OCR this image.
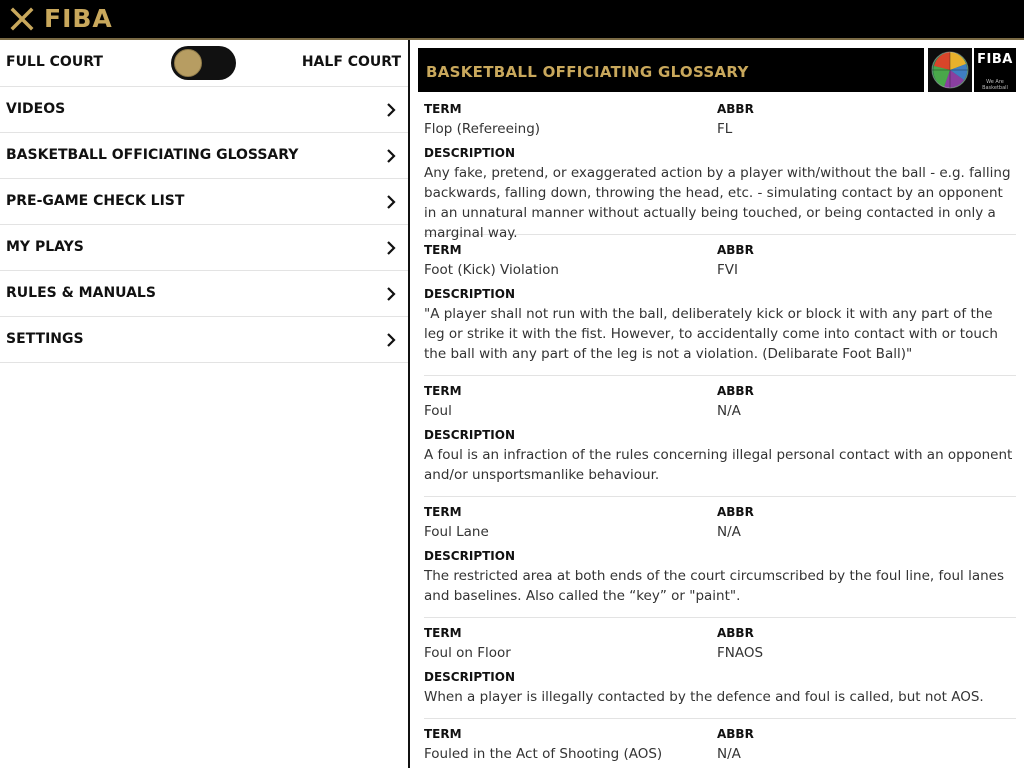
FIBA
FULL COURT	HALF COURT
VIDEOS
BASKETBALL OFFICIATING GLOSSARY
PRE-GAME CHECK LIST
MY PLAYS
RULES & MANUALS
SETTINGS
BASKETBALL OFFICIATING GLOSSARY
FIBA
We Are Basketball
TERM	ABBR
Flop (Refereeing)	FL
DESCRIPTION
Any fake, pretend, or exaggerated action by a player with/without the ball - e.g. falling backwards, falling down, throwing the head, etc. - simulating contact by an opponent in an unnatural manner without actually being touched, or being contacted in only a marginal way.
TERM	ABBR
Foot (Kick) Violation	FVI
DESCRIPTION
"A player shall not run with the ball, deliberately kick or block it with any part of the leg or strike it with the fist. However, to accidentally come into contact with or touch the ball with any part of the leg is not a violation. (Delibarate Foot Ball)"
TERM	ABBR
Foul	N/A
DESCRIPTION
A foul is an infraction of the rules concerning illegal personal contact with an opponent and/or unsportsmanlike behaviour.
TERM	ABBR
Foul Lane	N/A
DESCRIPTION
The restricted area at both ends of the court circumscribed by the foul line, foul lanes and baselines. Also called the “key” or "paint".
TERM	ABBR
Foul on Floor	FNAOS
DESCRIPTION
When a player is illegally contacted by the defence and foul is called, but not AOS.
TERM	ABBR
Fouled in the Act of Shooting (AOS)	N/A
